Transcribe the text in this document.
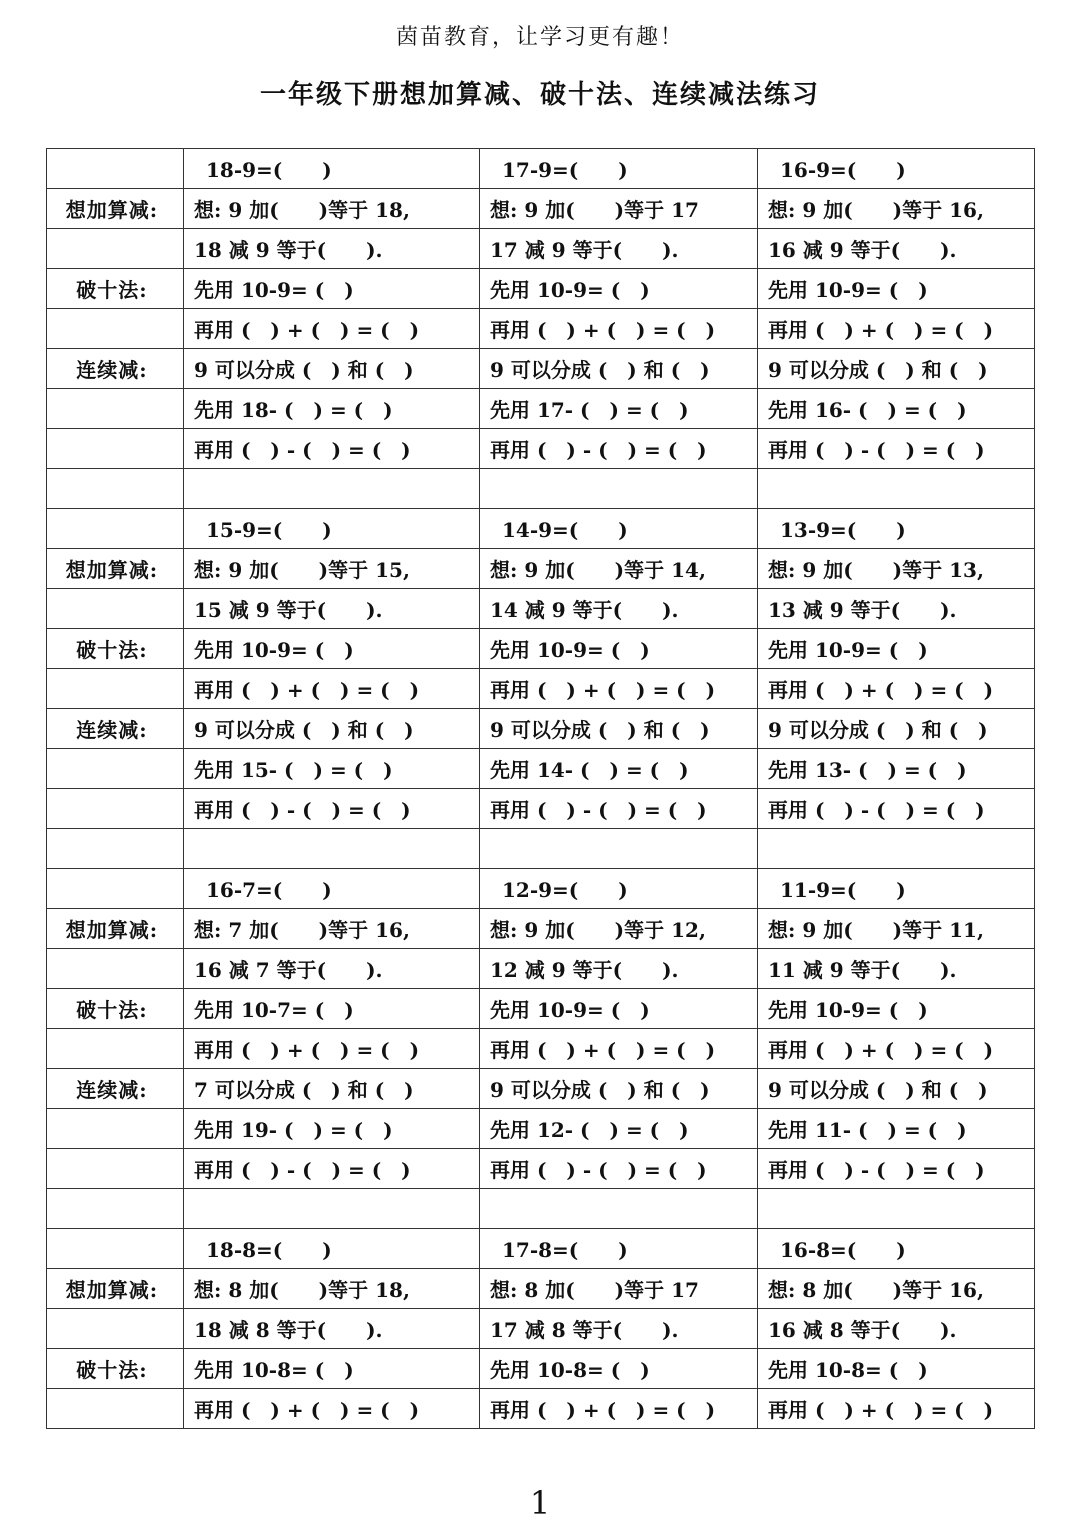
茵苗教育，让学习更有趣！
一年级下册想加算减、破十法、连续减法练习
	18-9=(　　)	17-9=(　　)	16-9=(　　)
想加算减:	想: 9 加(　　)等于 18,	想: 9 加(　　)等于 17	想: 9 加(　　)等于 16,
	18 减 9 等于(　　).	17 减 9 等于(　　).	16 减 9 等于(　　).
破十法:	先用 10-9= (　)	先用 10-9= (　)	先用 10-9= (　)
	再用 (　) + (　) = (　)	再用 (　) + (　) = (　)	再用 (　) + (　) = (　)
连续减:	9 可以分成 (　) 和 (　)	9 可以分成 (　) 和 (　)	9 可以分成 (　) 和 (　)
	先用 18- (　) = (　)	先用 17- (　) = (　)	先用 16- (　) = (　)
	再用 (　) - (　) = (　)	再用 (　) - (　) = (　)	再用 (　) - (　) = (　)

	15-9=(　　)	14-9=(　　)	13-9=(　　)
想加算减:	想: 9 加(　　)等于 15,	想: 9 加(　　)等于 14,	想: 9 加(　　)等于 13,
	15 减 9 等于(　　).	14 减 9 等于(　　).	13 减 9 等于(　　).
破十法:	先用 10-9= (　)	先用 10-9= (　)	先用 10-9= (　)
	再用 (　) + (　) = (　)	再用 (　) + (　) = (　)	再用 (　) + (　) = (　)
连续减:	9 可以分成 (　) 和 (　)	9 可以分成 (　) 和 (　)	9 可以分成 (　) 和 (　)
	先用 15- (　) = (　)	先用 14- (　) = (　)	先用 13- (　) = (　)
	再用 (　) - (　) = (　)	再用 (　) - (　) = (　)	再用 (　) - (　) = (　)

	16-7=(　　)	12-9=(　　)	11-9=(　　)
想加算减:	想: 7 加(　　)等于 16,	想: 9 加(　　)等于 12,	想: 9 加(　　)等于 11,
	16 减 7 等于(　　).	12 减 9 等于(　　).	11 减 9 等于(　　).
破十法:	先用 10-7= (　)	先用 10-9= (　)	先用 10-9= (　)
	再用 (　) + (　) = (　)	再用 (　) + (　) = (　)	再用 (　) + (　) = (　)
连续减:	7 可以分成 (　) 和 (　)	9 可以分成 (　) 和 (　)	9 可以分成 (　) 和 (　)
	先用 19- (　) = (　)	先用 12- (　) = (　)	先用 11- (　) = (　)
	再用 (　) - (　) = (　)	再用 (　) - (　) = (　)	再用 (　) - (　) = (　)

	18-8=(　　)	17-8=(　　)	16-8=(　　)
想加算减:	想: 8 加(　　)等于 18,	想: 8 加(　　)等于 17	想: 8 加(　　)等于 16,
	18 减 8 等于(　　).	17 减 8 等于(　　).	16 减 8 等于(　　).
破十法:	先用 10-8= (　)	先用 10-8= (　)	先用 10-8= (　)
	再用 (　) + (　) = (　)	再用 (　) + (　) = (　)	再用 (　) + (　) = (　)
1
